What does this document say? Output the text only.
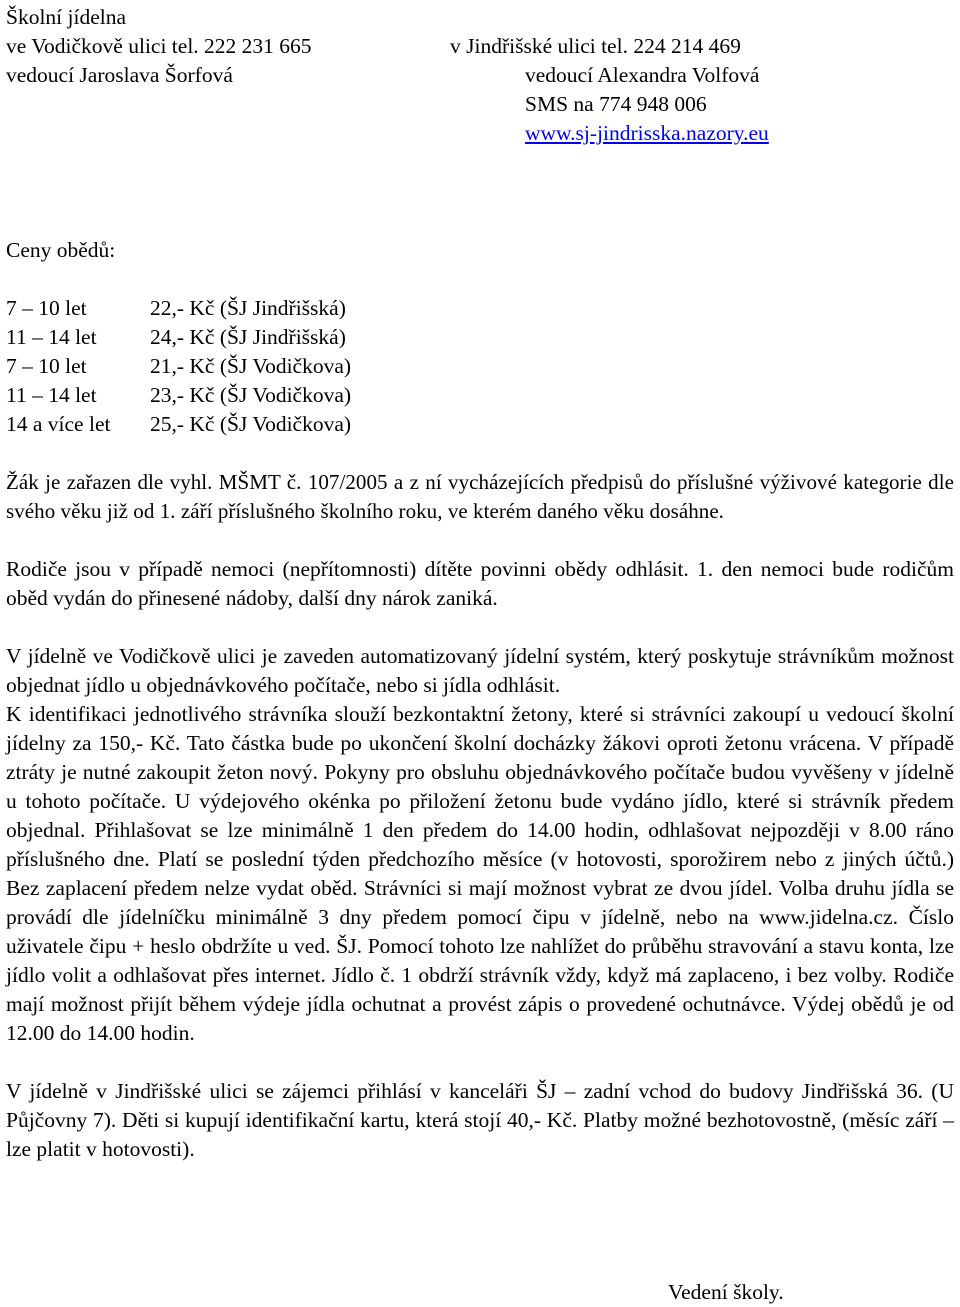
Školní jídelna
ve Vodičkově ulici tel. 222 231 665
vedoucí Jaroslava Šorfová
v Jindřišské ulici tel. 224 214 469
vedoucí Alexandra Volfová
SMS na 774 948 006
www.sj-jindrisska.nazory.eu
Ceny obědů:
7 – 10 let	22,- Kč (ŠJ Jindřišská)
11 – 14 let	24,- Kč (ŠJ Jindřišská)
7 – 10 let	21,- Kč (ŠJ Vodičkova)
11 – 14 let	23,- Kč (ŠJ Vodičkova)
14 a více let	25,- Kč (ŠJ Vodičkova)

Žák je zařazen dle vyhl. MŠMT č. 107/2005 a z ní vycházejících předpisů do příslušné výživové kategorie dle svého věku již od 1. září příslušného školního roku, ve kterém daného věku dosáhne.

Rodiče jsou v případě nemoci (nepřítomnosti) dítěte povinni obědy odhlásit. 1. den nemoci bude rodičům oběd vydán do přinesené nádoby, další dny nárok zaniká.

V jídelně ve Vodičkově ulici je zaveden automatizovaný jídelní systém, který poskytuje strávníkům možnost objednat jídlo u objednávkového počítače, nebo si jídla odhlásit.

K identifikaci jednotlivého strávníka slouží bezkontaktní žetony, které si strávníci zakoupí u vedoucí školní jídelny za 150,- Kč. Tato částka bude po ukončení školní docházky žákovi oproti žetonu vrácena. V případě ztráty je nutné zakoupit žeton nový. Pokyny pro obsluhu objednávkového počítače budou vyvěšeny v jídelně u tohoto počítače. U výdejového okénka po přiložení žetonu bude vydáno jídlo, které si strávník předem objednal. Přihlašovat se lze minimálně 1 den předem do 14.00 hodin, odhlašovat nejpozději v 8.00 ráno příslušného dne. Platí se poslední týden předchozího měsíce (v hotovosti, sporožirem nebo z jiných účtů.) Bez zaplacení předem nelze vydat oběd. Strávníci si mají možnost vybrat ze dvou jídel. Volba druhu jídla se provádí dle jídelníčku minimálně 3 dny předem pomocí čipu v jídelně, nebo na www.jidelna.cz. Číslo uživatele čipu + heslo obdržíte u ved. ŠJ. Pomocí tohoto lze nahlížet do průběhu stravování a stavu konta, lze jídlo volit a odhlašovat přes internet. Jídlo č. 1 obdrží strávník vždy, když má zaplaceno, i bez volby. Rodiče mají možnost přijít během výdeje jídla ochutnat a provést zápis o provedené ochutnávce. Výdej obědů je od 12.00 do 14.00 hodin.

V jídelně v Jindřišské ulici se zájemci přihlásí v kanceláři ŠJ – zadní vchod do budovy Jindřišská 36. (U Půjčovny 7). Děti si kupují identifikační kartu, která stojí 40,- Kč. Platby možné bezhotovostně, (měsíc září – lze platit v hotovosti).

Vedení školy.
